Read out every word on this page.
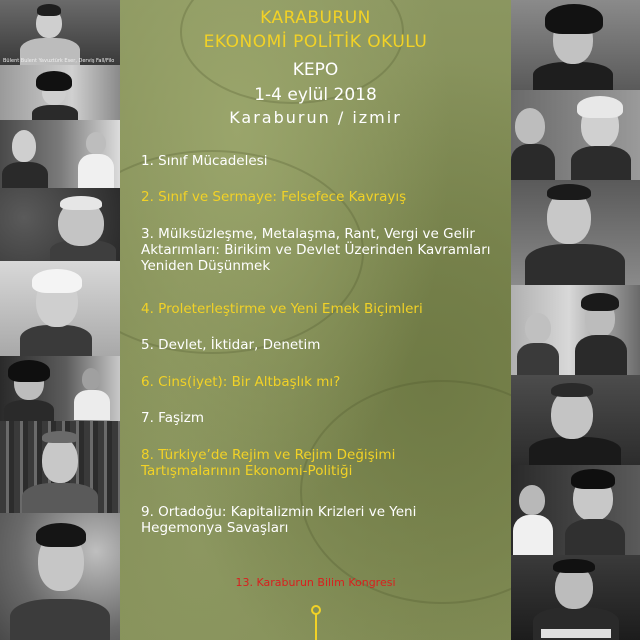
Bülent Bulent Yavuztürk Eser, Derviş Fall/Filo
KARABURUN
EKONOMİ POLİTİK OKULU
KEPO
1-4 eylül 2018
Karaburun / izmir
1. Sınıf Mücadelesi
2. Sınıf ve Sermaye: Felsefece Kavrayış
3. Mülksüzleşme, Metalaşma, Rant, Vergi ve Gelir Aktarımları: Birikim ve Devlet Üzerinden Kavramları Yeniden Düşünmek
4. Proleterleştirme ve Yeni Emek Biçimleri
5. Devlet, İktidar, Denetim
6. Cins(iyet): Bir Altbaşlık mı?
7. Faşizm
8. Türkiye’de Rejim ve Rejim Değişimi Tartışmalarının Ekonomi-Politiği
9. Ortadoğu: Kapitalizmin Krizleri ve Yeni Hegemonya Savaşları
13. Karaburun Bilim Kongresi
